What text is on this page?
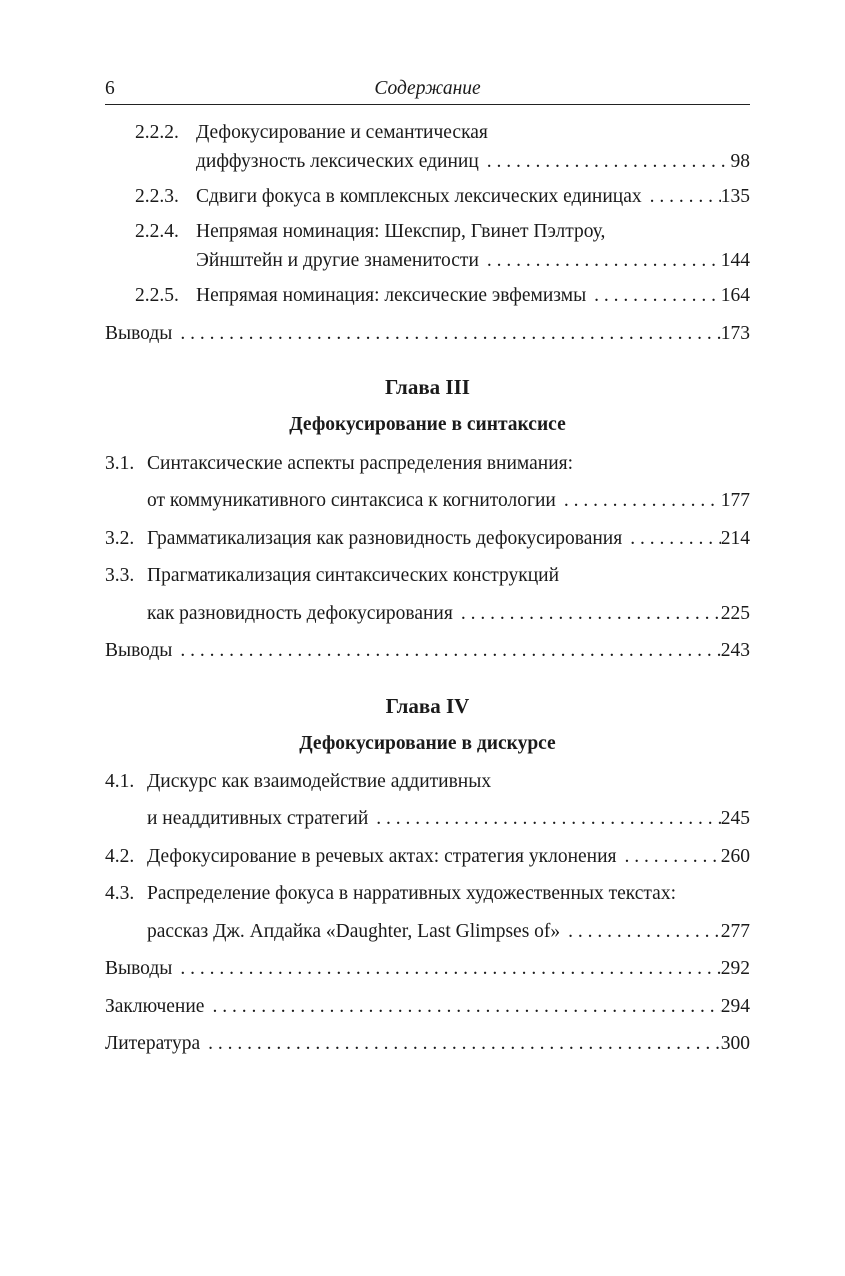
6	Содержание
2.2.2. Дефокусирование и семантическая
диффузность лексических единиц . . .	98
2.2.3. Сдвиги фокуса в комплексных лексических единицах . . .	135
2.2.4. Непрямая номинация: Шекспир, Гвинет Пэлтроу,
Эйнштейн и другие знаменитости . . .	144
2.2.5. Непрямая номинация: лексические эвфемизмы . . .	164
Выводы . . .	173
Глава III
Дефокусирование в синтаксисе
3.1. Синтаксические аспекты распределения внимания:
от коммуникативного синтаксиса к когнитологии . . .	177
3.2. Грамматикализация как разновидность дефокусирования . . .	214
3.3. Прагматикализация синтаксических конструкций
как разновидность дефокусирования . . .	225
Выводы . . .	243
Глава IV
Дефокусирование в дискурсе
4.1. Дискурс как взаимодействие аддитивных
и неаддитивных стратегий . . .	245
4.2. Дефокусирование в речевых актах: стратегия уклонения . . .	260
4.3. Распределение фокуса в нарративных художественных текстах:
рассказ Дж. Апдайка «Daughter, Last Glimpses of» . . .	277
Выводы . . .	292
Заключение . . .	294
Литература . . .	300
